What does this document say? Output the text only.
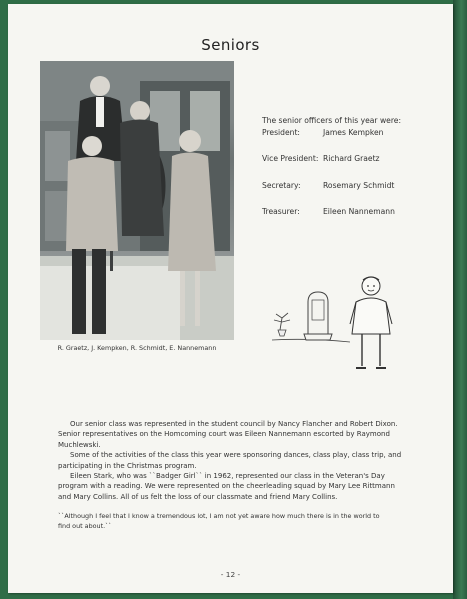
Seniors
R. Graetz, J. Kempken, R. Schmidt, E. Nannemann
The senior officers of this year were:
President:	James Kempken
Vice President: Richard Graetz
Secretary:	Rosemary Schmidt
Treasurer:	Eileen Nannemann

Our senior class was represented in the student council by Nancy Flancher and Robert Dixon. Senior representatives on the Homcoming court was Eileen Nannemann escorted by Raymond Muchlewski.

Some of the activities of the class this year were sponsoring dances, class play, class trip, and participating in the Christmas program.

Eileen Stark, who was ``Badger Girl`` in 1962, represented our class in the Veteran's Day program with a reading. We were represented on the cheerleading squad by Mary Lee Rittmann and Mary Collins. All of us felt the loss of our classmate and friend Mary Collins.

``Although I feel that I know a tremendous lot, I am not yet aware how much there is in the world to find out about.``
- 12 -
